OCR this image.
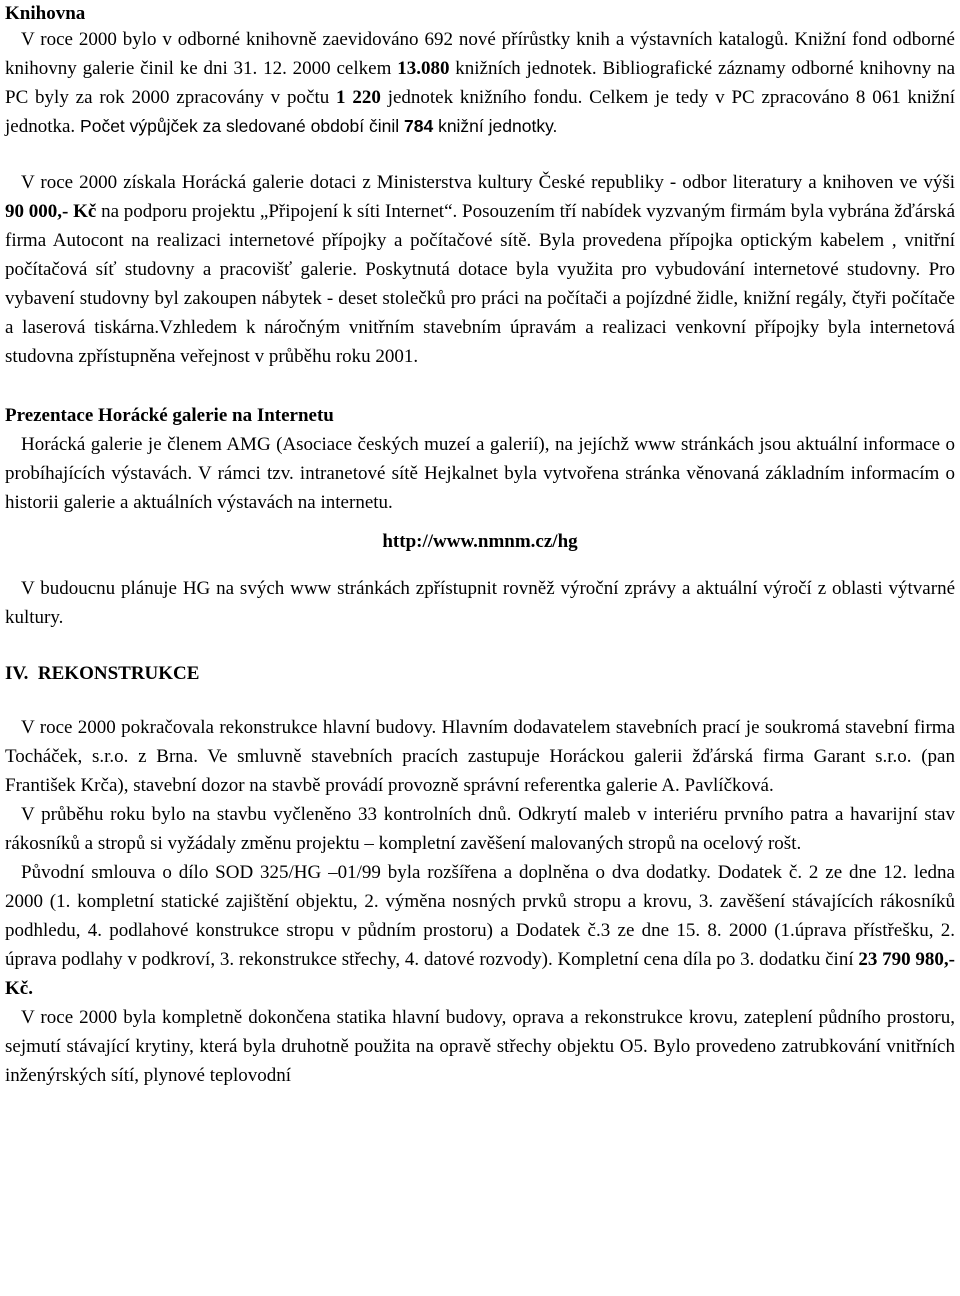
Knihovna

V roce 2000 bylo v odborné knihovně zaevidováno 692 nové přírůstky knih a výstavních katalogů. Knižní fond odborné knihovny galerie činil ke dni 31. 12. 2000 celkem 13.080 knižních jednotek. Bibliografické záznamy odborné knihovny na PC byly za rok 2000 zpracovány v počtu 1 220 jednotek knižního fondu. Celkem je tedy v PC zpracováno 8 061 knižní jednotka. Počet výpůjček za sledované období činil 784 knižní jednotky.

V roce 2000 získala Horácká galerie dotaci z Ministerstva kultury České republiky - odbor literatury a knihoven ve výši 90 000,- Kč na podporu projektu „Připojení k síti Internet“. Posouzením tří nabídek vyzvaným firmám byla vybrána žďárská firma Autocont na realizaci internetové přípojky a počítačové sítě. Byla provedena přípojka optickým kabelem , vnitřní počítačová síť studovny a pracovišť galerie. Poskytnutá dotace byla využita pro vybudování internetové studovny. Pro vybavení studovny byl zakoupen nábytek - deset stolečků pro práci na počítači a pojízdné židle, knižní regály, čtyři počítače a laserová tiskárna.Vzhledem k náročným vnitřním stavebním úpravám a realizaci venkovní přípojky byla internetová studovna zpřístupněna veřejnost v průběhu roku 2001.

Prezentace Horácké galerie na Internetu

Horácká galerie je členem AMG (Asociace českých muzeí a galerií), na jejíchž www stránkách jsou aktuální informace o probíhajících výstavách. V rámci tzv. intranetové sítě Hejkalnet byla vytvořena stránka věnovaná základním informacím o historii galerie a aktuálních výstavách na internetu.

http://www.nmnm.cz/hg

V budoucnu plánuje HG na svých www stránkách zpřístupnit rovněž výroční zprávy a aktuální výročí z oblasti výtvarné kultury.

IV.  REKONSTRUKCE

V roce 2000 pokračovala rekonstrukce hlavní budovy. Hlavním dodavatelem stavebních prací je soukromá stavební firma Tocháček, s.r.o. z Brna. Ve smluvně stavebních pracích zastupuje Horáckou galerii žďárská firma Garant s.r.o. (pan František Krča), stavební dozor na stavbě provádí provozně správní referentka galerie A. Pavlíčková.

V průběhu roku bylo na stavbu vyčleněno 33 kontrolních dnů. Odkrytí maleb v interiéru prvního patra a havarijní stav rákosníků a stropů si vyžádaly změnu projektu – kompletní zavěšení malovaných stropů na ocelový rošt.

Původní smlouva o dílo SOD 325/HG –01/99 byla rozšířena a doplněna o dva dodatky. Dodatek č. 2 ze dne 12. ledna 2000 (1. kompletní statické zajištění objektu, 2. výměna nosných prvků stropu a krovu, 3. zavěšení stávajících rákosníků podhledu, 4. podlahové konstrukce stropu v půdním prostoru) a Dodatek č.3 ze dne 15. 8. 2000 (1.úprava přístřešku, 2. úprava podlahy v podkroví, 3. rekonstrukce střechy, 4. datové rozvody). Kompletní cena díla po 3. dodatku činí 23 790 980,- Kč.

V roce 2000 byla kompletně dokončena statika hlavní budovy, oprava a rekonstrukce krovu, zateplení půdního prostoru, sejmutí stávající krytiny, která byla druhotně použita na opravě střechy objektu O5. Bylo provedeno zatrubkování vnitřních inženýrských sítí, plynové teplovodní
